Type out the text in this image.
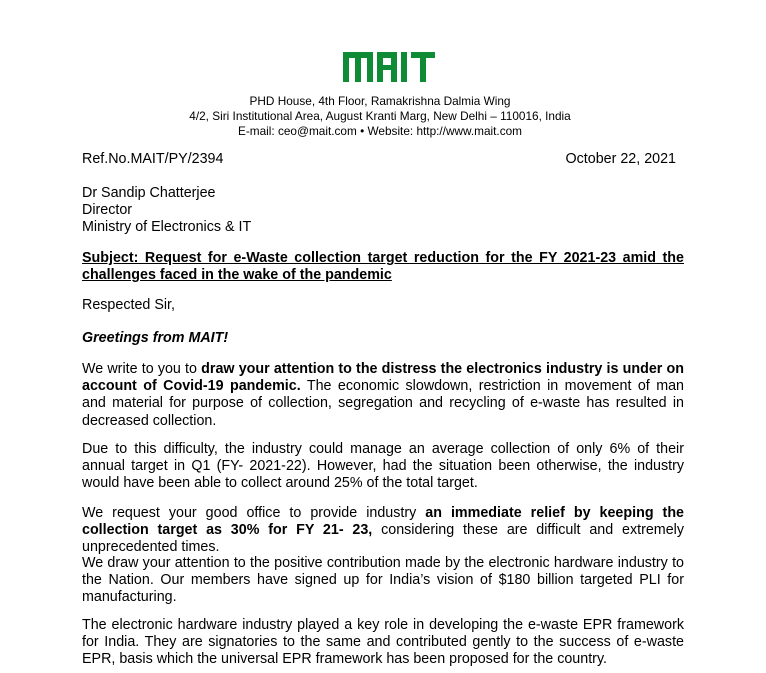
MAIT
PHD House, 4th Floor, Ramakrishna Dalmia Wing
4/2, Siri Institutional Area, August Kranti Marg, New Delhi – 110016, India
E-mail: ceo@mait.com • Website: http://www.mait.com
Ref.No.MAIT/PY/2394	October 22, 2021
Dr Sandip Chatterjee
Director
Ministry of Electronics & IT
Subject: Request for e-Waste collection target reduction for the FY 2021-23 amid the challenges faced in the wake of the pandemic
Respected Sir,
Greetings from MAIT!
We write to you to draw your attention to the distress the electronics industry is under on account of Covid-19 pandemic. The economic slowdown, restriction in movement of man and material for purpose of collection, segregation and recycling of e-waste has resulted in decreased collection.
Due to this difficulty, the industry could manage an average collection of only 6% of their annual target in Q1 (FY- 2021-22). However, had the situation been otherwise, the industry would have been able to collect around 25% of the total target.
We request your good office to provide industry an immediate relief by keeping the collection target as 30% for FY 21- 23, considering these are difficult and extremely unprecedented times.
We draw your attention to the positive contribution made by the electronic hardware industry to the Nation. Our members have signed up for India’s vision of $180 billion targeted PLI for manufacturing.
The electronic hardware industry played a key role in developing the e-waste EPR framework for India. They are signatories to the same and contributed gently to the success of e-waste EPR, basis which the universal EPR framework has been proposed for the country.
